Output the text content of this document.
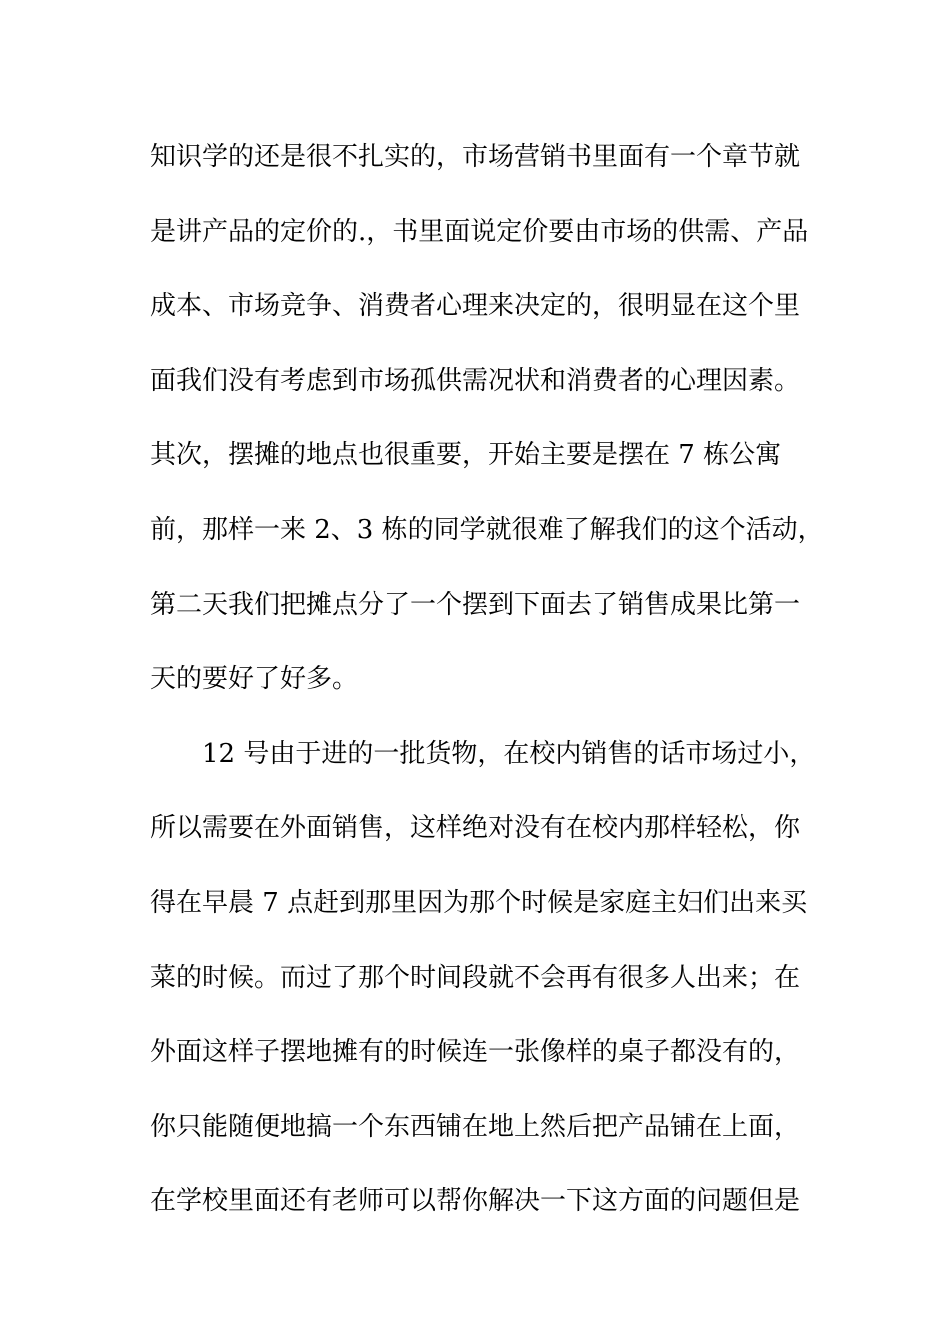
知识学的还是很不扎实的，市场营销书里面有一个章节就
是讲产品的定价的.，书里面说定价要由市场的供需、产品
成本、市场竞争、消费者心理来决定的，很明显在这个里
面我们没有考虑到市场孤供需况状和消费者的心理因素。
其次，摆摊的地点也很重要，开始主要是摆在 7 栋公寓
前，那样一来 2、3 栋的同学就很难了解我们的这个活动，
第二天我们把摊点分了一个摆到下面去了销售成果比第一
天的要好了好多。
12 号由于进的一批货物，在校内销售的话市场过小，
所以需要在外面销售，这样绝对没有在校内那样轻松，你
得在早晨 7 点赶到那里因为那个时候是家庭主妇们出来买
菜的时候。而过了那个时间段就不会再有很多人出来；在
外面这样子摆地摊有的时候连一张像样的桌子都没有的，
你只能随便地搞一个东西铺在地上然后把产品铺在上面，
在学校里面还有老师可以帮你解决一下这方面的问题但是
